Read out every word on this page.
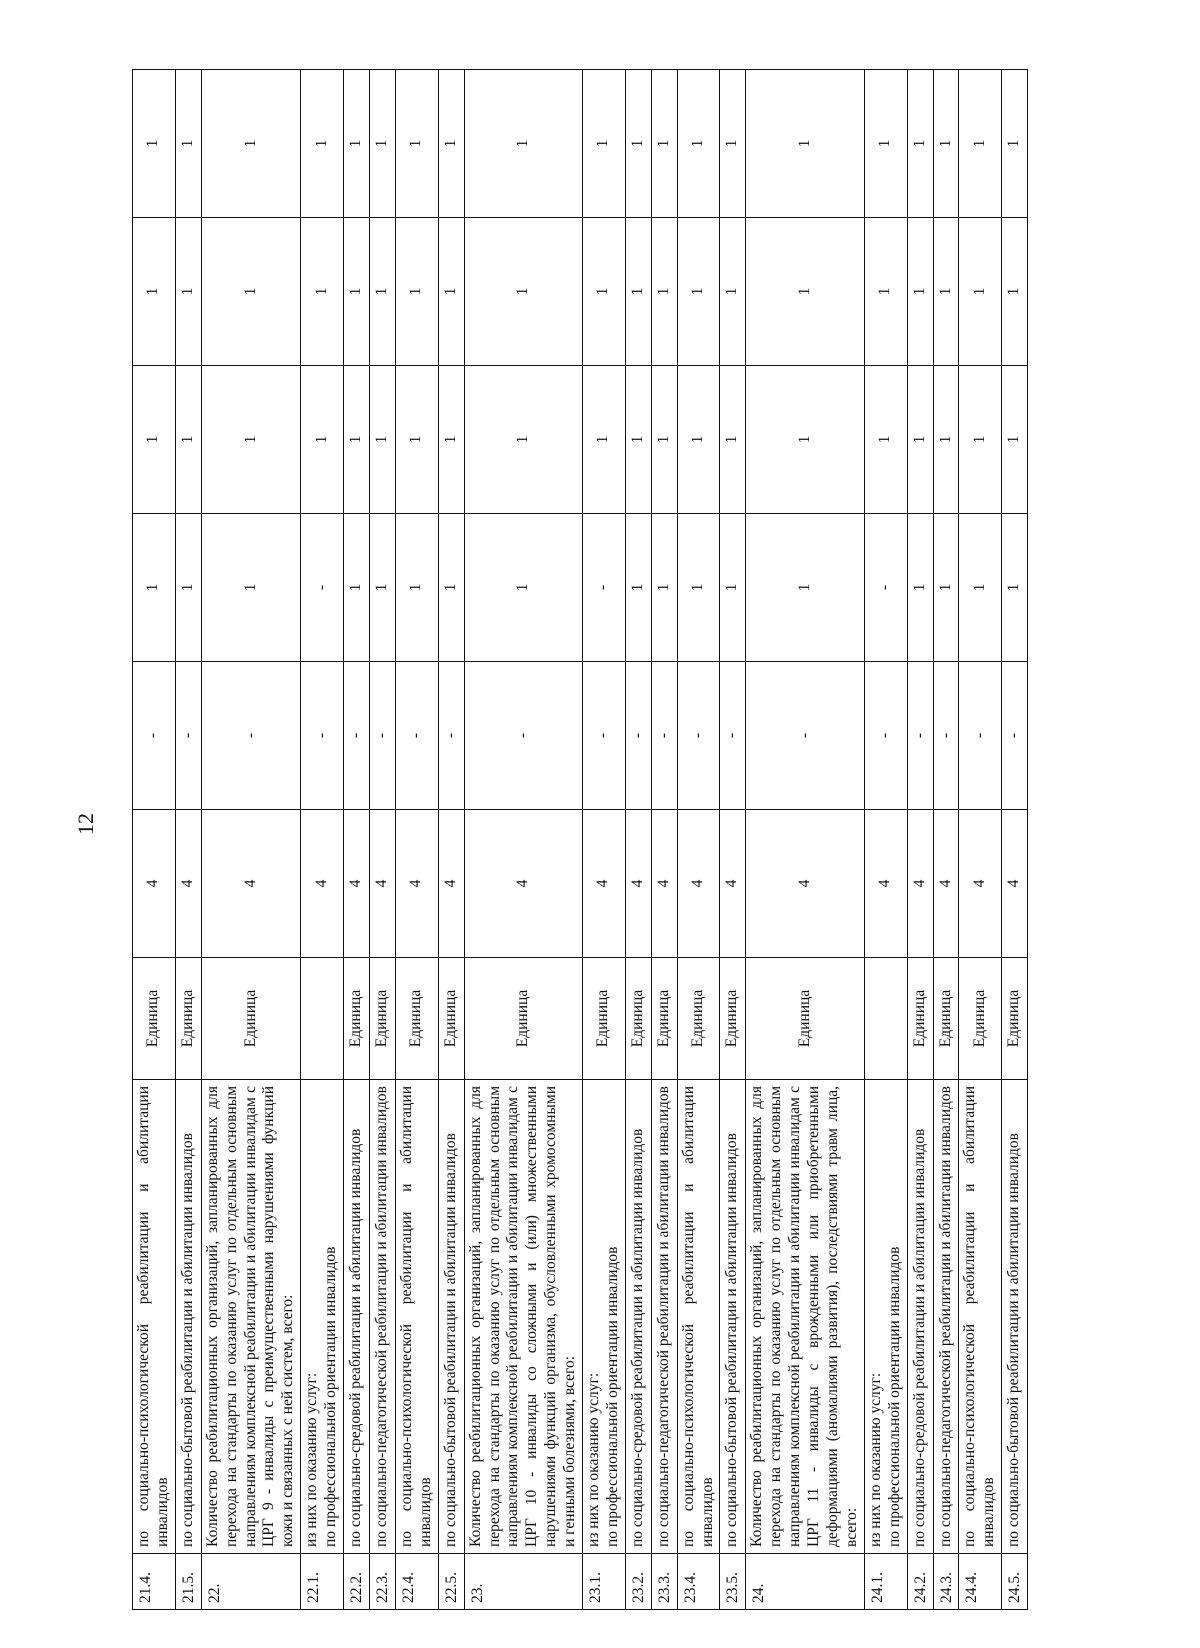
12
21.4.	по социально-психологической реабилитации и абилитации инвалидов	Единица	4	-	1	1	1	1
21.5.	по социально-бытовой реабилитации и абилитации инвалидов	Единица	4	-	1	1	1	1
22.	Количество реабилитационных организаций, запланированных для перехода на стандарты по оказанию услуг по отдельным основным направлениям комплексной реабилитации и абилитации инвалидам с ЦРГ 9 - инвалиды с преимущественными нарушениями функций кожи и связанных с ней систем, всего:	Единица	4	-	1	1	1	1
22.1.	из них по оказанию услуг: по профессиональной ориентации инвалидов		4	-	-	1	1	1
22.2.	по социально-средовой реабилитации и абилитации инвалидов	Единица	4	-	1	1	1	1
22.3.	по социально-педагогической реабилитации и абилитации инвалидов	Единица	4	-	1	1	1	1
22.4.	по социально-психологической реабилитации и абилитации инвалидов	Единица	4	-	1	1	1	1
22.5.	по социально-бытовой реабилитации и абилитации инвалидов	Единица	4	-	1	1	1	1
23.	Количество реабилитационных организаций, запланированных для перехода на стандарты по оказанию услуг по отдельным основным направлениям комплексной реабилитации и абилитации инвалидам с ЦРГ 10 - инвалиды со сложными и (или) множественными нарушениями функций организма, обусловленными хромосомными и генными болезнями, всего:	Единица	4	-	1	1	1	1
23.1.	из них по оказанию услуг: по профессиональной ориентации инвалидов	Единица	4	-	-	1	1	1
23.2.	по социально-средовой реабилитации и абилитации инвалидов	Единица	4	-	1	1	1	1
23.3.	по социально-педагогической реабилитации и абилитации инвалидов	Единица	4	-	1	1	1	1
23.4.	по социально-психологической реабилитации и абилитации инвалидов	Единица	4	-	1	1	1	1
23.5.	по социально-бытовой реабилитации и абилитации инвалидов	Единица	4	-	1	1	1	1
24.	Количество реабилитационных организаций, запланированных для перехода на стандарты по оказанию услуг по отдельным основным направлениям комплексной реабилитации и абилитации инвалидам с ЦРГ 11 - инвалиды с врожденными или приобретенными деформациями (аномалиями развития), последствиями травм лица, всего:	Единица	4	-	1	1	1	1
24.1.	из них по оказанию услуг: по профессиональной ориентации инвалидов		4	-	-	1	1	1
24.2.	по социально-средовой реабилитации и абилитации инвалидов	Единица	4	-	1	1	1	1
24.3.	по социально-педагогической реабилитации и абилитации инвалидов	Единица	4	-	1	1	1	1
24.4.	по социально-психологической реабилитации и абилитации инвалидов	Единица	4	-	1	1	1	1
24.5.	по социально-бытовой реабилитации и абилитации инвалидов	Единица	4	-	1	1	1	1
